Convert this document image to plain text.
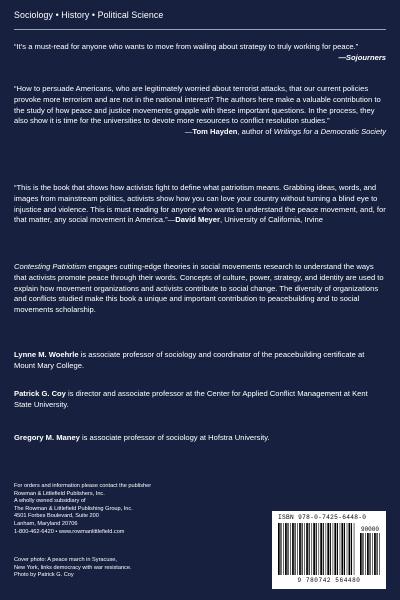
Sociology • History • Political Science

“It’s a must-read for anyone who wants to move from wailing about strategy to truly working for peace.”

—Sojourners

“How to persuade Americans, who are legitimately worried about terrorist attacks, that our current policies provoke more terrorism and are not in the national interest? The authors here make a valuable contribution to the study of how peace and justice movements grapple with these important questions. In the process, they also show it is time for the universities to devote more resources to conflict resolution studies.”

—Tom Hayden, author of Writings for a Democratic Society

“This is the book that shows how activists fight to define what patriotism means. Grabbing ideas, words, and images from mainstream politics, activists show how you can love your country without turning a blind eye to injustice and violence. This is must reading for anyone who wants to understand the peace movement, and, for that matter, any social movement in America.”—David Meyer, University of California, Irvine

Contesting Patriotism engages cutting-edge theories in social movements research to understand the ways that activists promote peace through their words. Concepts of culture, power, strategy, and identity are used to explain how movement organizations and activists contribute to social change. The diversity of organizations and conflicts studied make this book a unique and important contribution to peacebuilding and to social movements scholarship.
Lynne M. Woehrle is associate professor of sociology and coordinator of the peacebuilding certificate at Mount Mary College.
Patrick G. Coy is director and associate professor at the Center for Applied Conflict Management at Kent State University.
Gregory M. Maney is associate professor of sociology at Hofstra University.
For orders and information please contact the publisher
Rowman & Littlefield Publishers, Inc.
A wholly owned subsidiary of
The Rowman & Littlefield Publishing Group, Inc.
4501 Forbes Boulevard, Suite 200
Lanham, Maryland 20706
1-800-462-6420 • www.rowmanlittlefield.com
Cover photo: A peace march in Syracuse,
New York, links democracy with war resistance.
Photo by Patrick G. Coy
ISBN 978-0-7425-6448-0
90000
9 780742 564480
